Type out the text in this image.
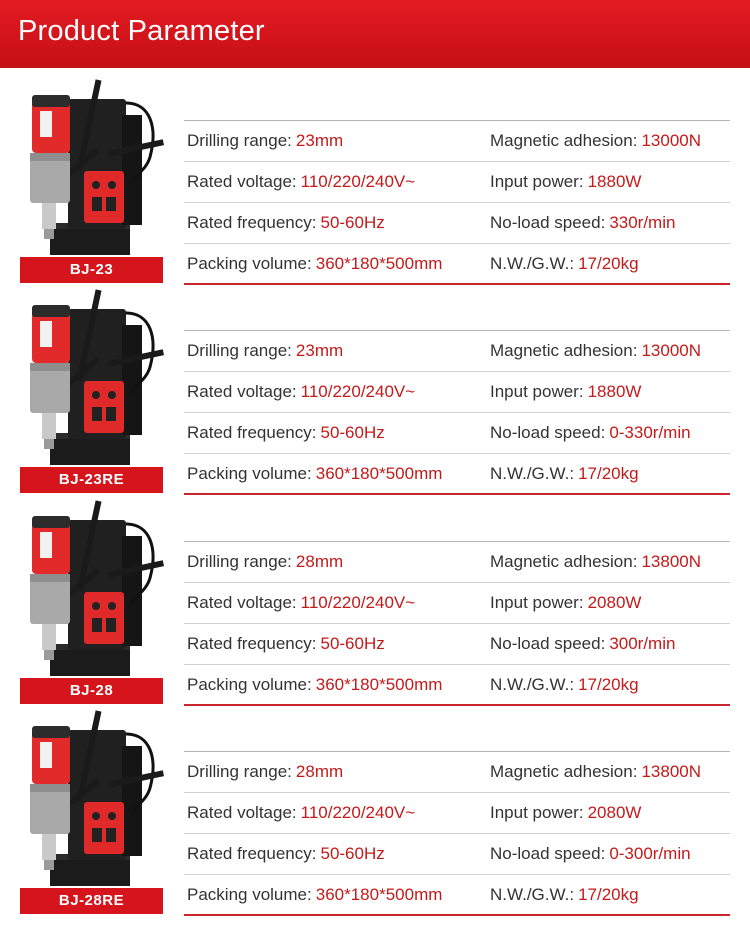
Product Parameter
BJ-23
Drilling range: 23mm	Magnetic adhesion: 13000N
Rated voltage: 110/220/240V~	Input power: 1880W
Rated frequency: 50-60Hz	No-load speed: 330r/min
Packing volume: 360*180*500mm	N.W./G.W.: 17/20kg
BJ-23RE
Drilling range: 23mm	Magnetic adhesion: 13000N
Rated voltage: 110/220/240V~	Input power: 1880W
Rated frequency: 50-60Hz	No-load speed: 0-330r/min
Packing volume: 360*180*500mm	N.W./G.W.: 17/20kg
BJ-28
Drilling range: 28mm	Magnetic adhesion: 13800N
Rated voltage: 110/220/240V~	Input power: 2080W
Rated frequency: 50-60Hz	No-load speed: 300r/min
Packing volume: 360*180*500mm	N.W./G.W.: 17/20kg
BJ-28RE
Drilling range: 28mm	Magnetic adhesion: 13800N
Rated voltage: 110/220/240V~	Input power: 2080W
Rated frequency: 50-60Hz	No-load speed: 0-300r/min
Packing volume: 360*180*500mm	N.W./G.W.: 17/20kg
